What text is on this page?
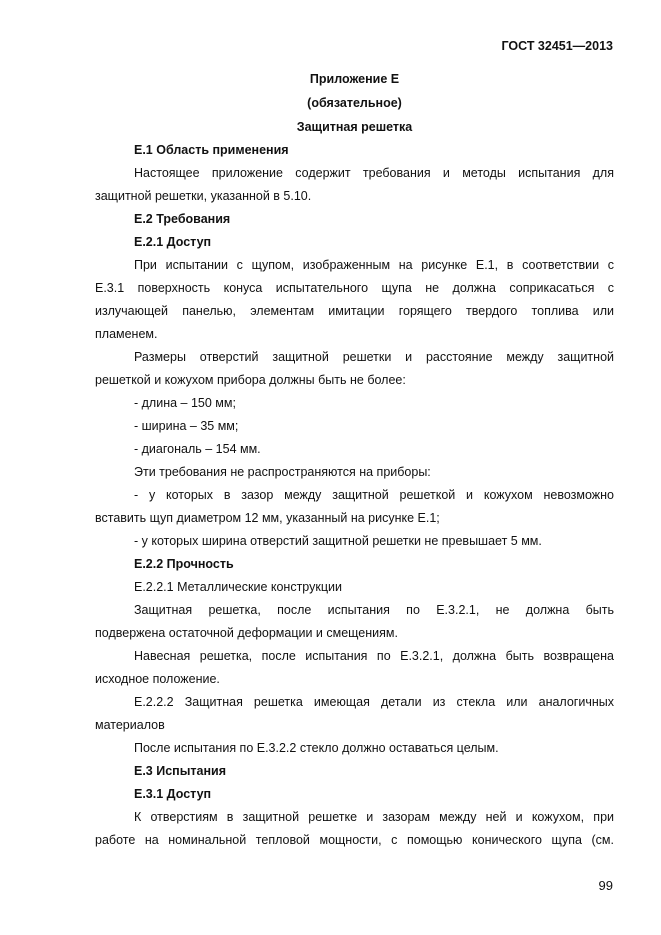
ГОСТ 32451—2013
Приложение Е
(обязательное)
Защитная решетка
Е.1 Область применения
Настоящее приложение содержит требования и методы испытания для
защитной решетки, указанной в 5.10.
Е.2 Требования
Е.2.1 Доступ
При испытании с щупом, изображенным на рисунке Е.1, в соответствии с
Е.3.1 поверхность конуса испытательного щупа не должна соприкасаться с
излучающей панелью, элементам имитации горящего твердого топлива или
пламенем.
Размеры отверстий защитной решетки и расстояние между защитной
решеткой и кожухом прибора должны быть не более:
- длина – 150 мм;
- ширина – 35 мм;
- диагональ – 154 мм.
Эти требования не распространяются на приборы:
- у которых в зазор между защитной решеткой и кожухом невозможно
вставить щуп диаметром 12 мм, указанный на рисунке Е.1;
- у которых ширина отверстий защитной решетки не превышает 5 мм.
Е.2.2 Прочность
Е.2.2.1 Металлические конструкции
Защитная решетка, после испытания по Е.3.2.1, не должна быть
подвержена остаточной деформации и смещениям.
Навесная решетка, после испытания по Е.3.2.1, должна быть возвращена
исходное положение.
Е.2.2.2 Защитная решетка имеющая детали из стекла или аналогичных
материалов
После испытания по Е.3.2.2 стекло должно оставаться целым.
Е.3 Испытания
Е.3.1 Доступ
К отверстиям в защитной решетке и зазорам между ней и кожухом, при
работе на номинальной тепловой мощности, с помощью конического щупа (см.
99
